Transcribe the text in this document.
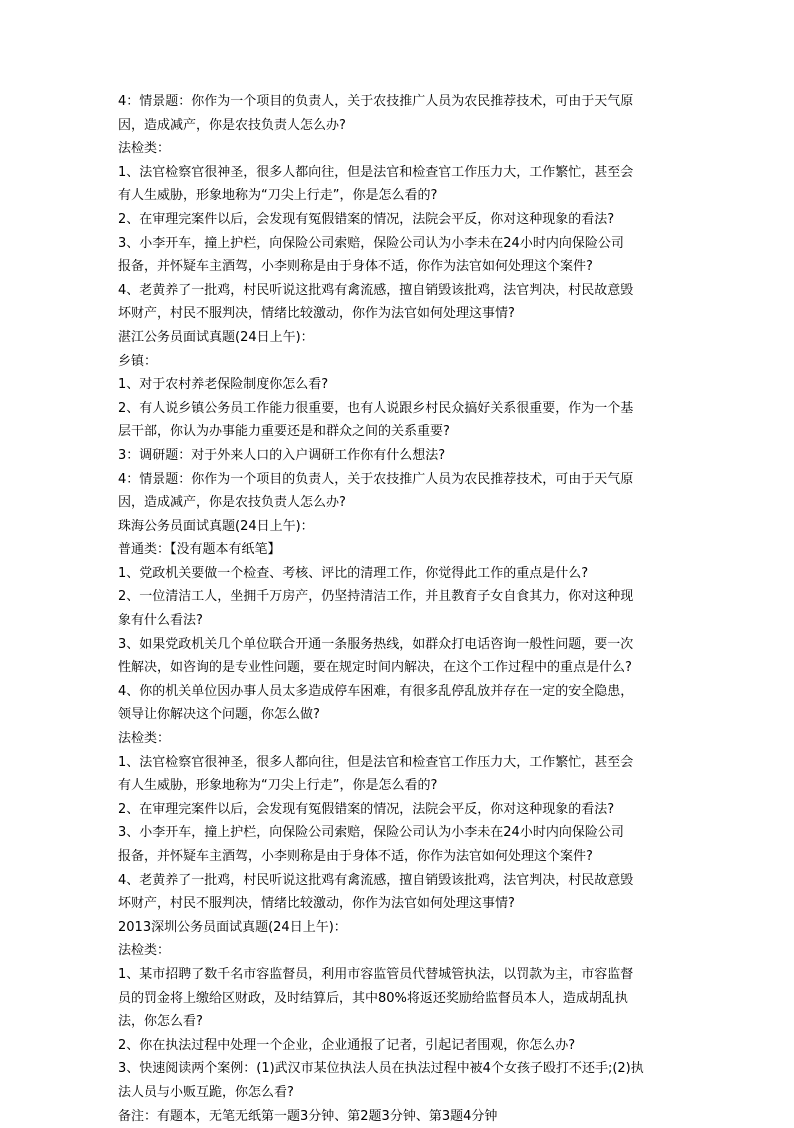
4：情景题：你作为一个项目的负责人，关于农技推广人员为农民推荐技术，可由于天气原
因，造成减产，你是农技负责人怎么办?
法检类：
1、法官检察官很神圣，很多人都向往，但是法官和检查官工作压力大，工作繁忙，甚至会
有人生威胁，形象地称为“刀尖上行走”，你是怎么看的?
2、在审理完案件以后，会发现有冤假错案的情况，法院会平反，你对这种现象的看法?
3、小李开车，撞上护栏，向保险公司索赔，保险公司认为小李未在24小时内向保险公司
报备，并怀疑车主酒驾，小李则称是由于身体不适，你作为法官如何处理这个案件?
4、老黄养了一批鸡，村民听说这批鸡有禽流感，擅自销毁该批鸡，法官判决，村民故意毁
坏财产，村民不服判决，情绪比较激动，你作为法官如何处理这事情?
湛江公务员面试真题(24日上午)：
乡镇：
1、对于农村养老保险制度你怎么看?
2、有人说乡镇公务员工作能力很重要，也有人说跟乡村民众搞好关系很重要，作为一个基
层干部，你认为办事能力重要还是和群众之间的关系重要?
3：调研题：对于外来人口的入户调研工作你有什么想法?
4：情景题：你作为一个项目的负责人，关于农技推广人员为农民推荐技术，可由于天气原
因，造成减产，你是农技负责人怎么办?
珠海公务员面试真题(24日上午)：
普通类：【没有题本有纸笔】
1、党政机关要做一个检查、考核、评比的清理工作，你觉得此工作的重点是什么?
2、一位清洁工人，坐拥千万房产，仍坚持清洁工作，并且教育子女自食其力，你对这种现
象有什么看法?
3、如果党政机关几个单位联合开通一条服务热线，如群众打电话咨询一般性问题，要一次
性解决，如咨询的是专业性问题，要在规定时间内解决，在这个工作过程中的重点是什么?
4、你的机关单位因办事人员太多造成停车困难，有很多乱停乱放并存在一定的安全隐患，
领导让你解决这个问题，你怎么做?
法检类：
1、法官检察官很神圣，很多人都向往，但是法官和检查官工作压力大，工作繁忙，甚至会
有人生威胁，形象地称为“刀尖上行走”，你是怎么看的?
2、在审理完案件以后，会发现有冤假错案的情况，法院会平反，你对这种现象的看法?
3、小李开车，撞上护栏，向保险公司索赔，保险公司认为小李未在24小时内向保险公司
报备，并怀疑车主酒驾，小李则称是由于身体不适，你作为法官如何处理这个案件?
4、老黄养了一批鸡，村民听说这批鸡有禽流感，擅自销毁该批鸡，法官判决，村民故意毁
坏财产，村民不服判决，情绪比较激动，你作为法官如何处理这事情?
2013深圳公务员面试真题(24日上午)：
法检类：
1、某市招聘了数千名市容监督员，利用市容监管员代替城管执法，以罚款为主，市容监督
员的罚金将上缴给区财政，及时结算后，其中80%将返还奖励给监督员本人，造成胡乱执
法，你怎么看?
2、你在执法过程中处理一个企业，企业通报了记者，引起记者围观，你怎么办?
3、快速阅读两个案例：(1)武汉市某位执法人员在执法过程中被4个女孩子殴打不还手;(2)执
法人员与小贩互跪，你怎么看?
备注：有题本，无笔无纸第一题3分钟、第2题3分钟、第3题4分钟
